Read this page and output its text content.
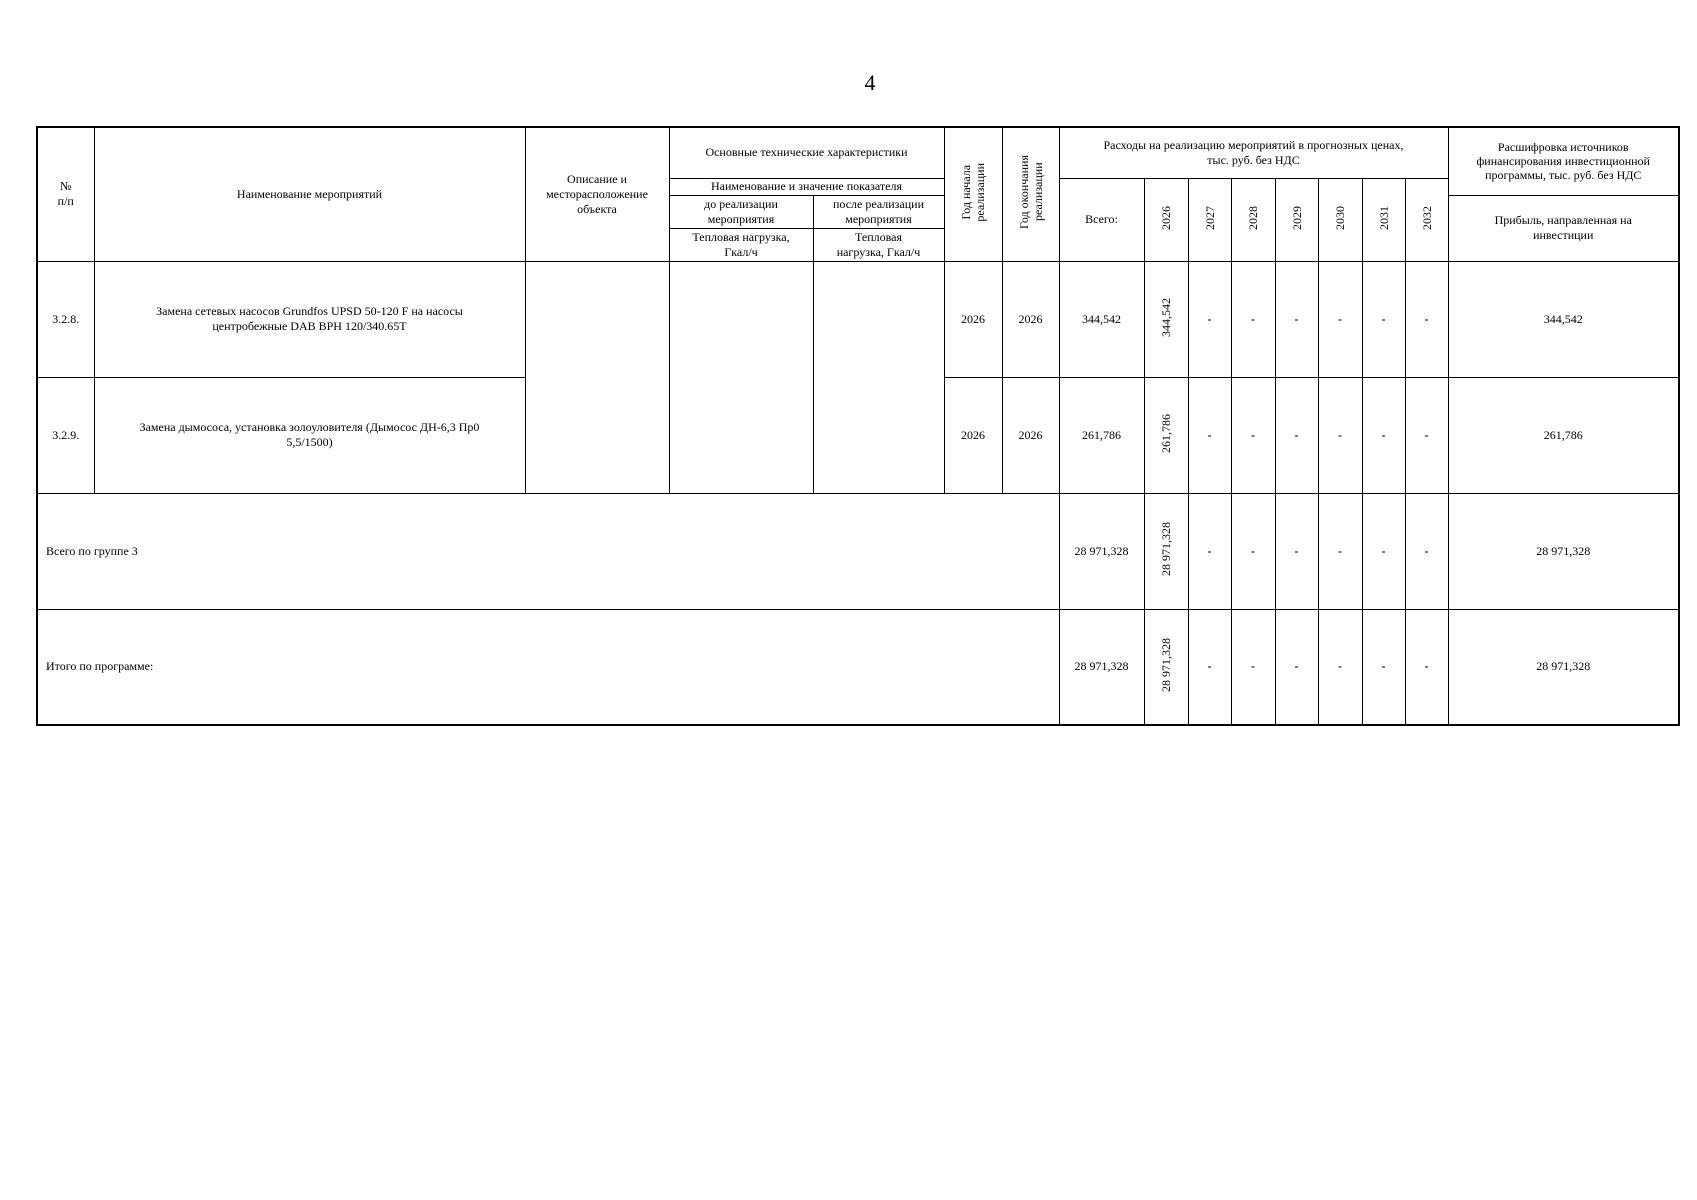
4
№
п/п	Наименование мероприятий	Описание и
месторасположение
объекта	Основные технические характеристики		Год начала
реализации	Год окончания
реализации	Расходы на реализацию мероприятий в прогнозных ценах,
тыс. руб. без НДС								Расшифровка источников
финансирования инвестиционной
программы, тыс. руб. без НДС
			Наименование и значение показателя				Всего:	2026	2027	2028	2029	2030	2031	2032	
			до реализации
мероприятия	после реализации
мероприятия											Прибыль, направленная на
инвестиции
			Тепловая нагрузка,
Гкал/ч	Тепловая
нагрузка, Гкал/ч											
3.2.8.	Замена сетевых насосов Grundfos UPSD 50-120 F на насосы
центробежные DAB BPH 120/340.65T				2026	2026	344,542	344,542	-	-	-	-	-	-	344,542
3.2.9.	Замена дымососа, установка золоуловителя (Дымосос ДН-6,3 Пр0
5,5/1500)				2026	2026	261,786	261,786	-	-	-	-	-	-	261,786
Всего по группе 3							28 971,328	28 971,328	-	-	-	-	-	-	28 971,328
Итого по программе:							28 971,328	28 971,328	-	-	-	-	-	-	28 971,328
